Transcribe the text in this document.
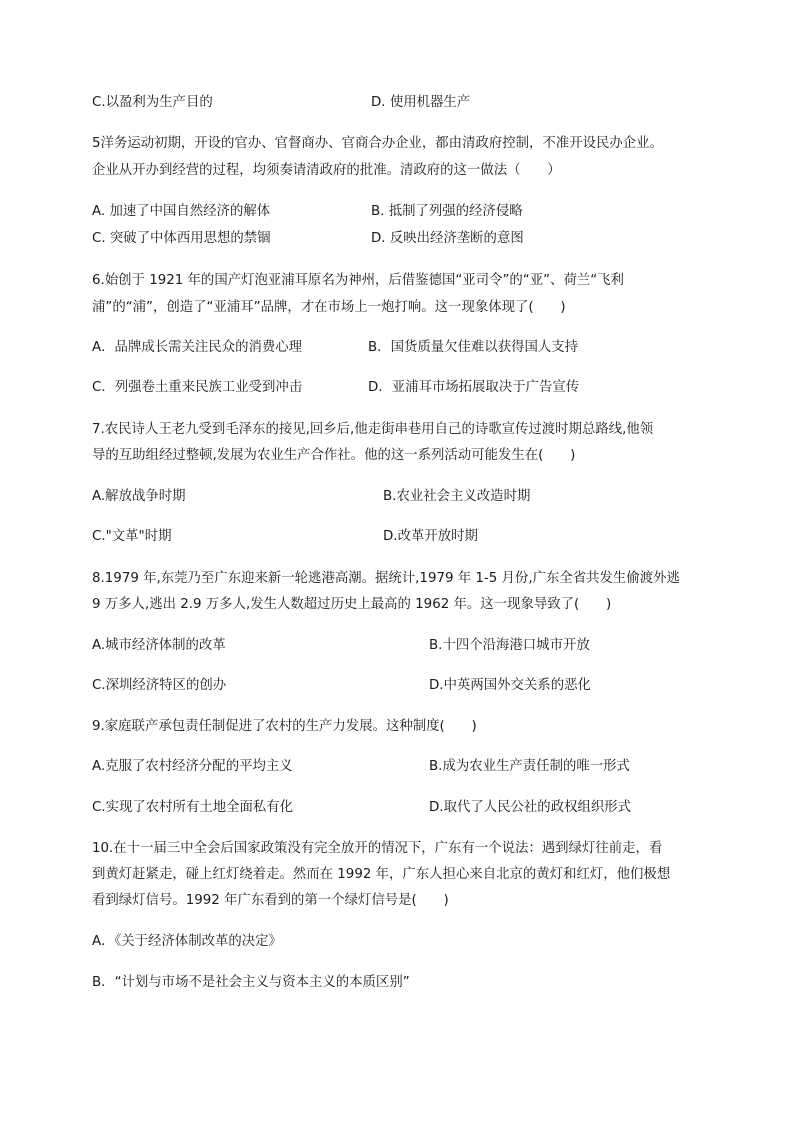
C.以盈利为生产目的	D. 使用机器生产
5洋务运动初期，开设的官办、官督商办、官商合办企业，都由清政府控制，不准开设民办企业。
企业从开办到经营的过程，均须奏请清政府的批准。清政府的这一做法（　　）
A. 加速了中国自然经济的解体	B. 抵制了列强的经济侵略
C. 突破了中体西用思想的禁锢	D. 反映出经济垄断的意图
6.始创于 1921 年的国产灯泡亚浦耳原名为神州，后借鉴德国“亚司令”的“亚”、荷兰“飞利
浦”的“浦”，创造了“亚浦耳”品牌，才在市场上一炮打响。这一现象体现了(　　)
A．品牌成长需关注民众的消费心理	B．国货质量欠佳难以获得国人支持
C．列强卷土重来民族工业受到冲击	D．亚浦耳市场拓展取决于广告宣传
7.农民诗人王老九受到毛泽东的接见,回乡后,他走街串巷用自己的诗歌宣传过渡时期总路线,他领
导的互助组经过整顿,发展为农业生产合作社。他的这一系列活动可能发生在(　　)
A.解放战争时期	B.农业社会主义改造时期
C."文革"时期	D.改革开放时期
8.1979 年,东莞乃至广东迎来新一轮逃港高潮。据统计,1979 年 1-5 月份,广东全省共发生偷渡外逃
9 万多人,逃出 2.9 万多人,发生人数超过历史上最高的 1962 年。这一现象导致了(　　)
A.城市经济体制的改革	B.十四个沿海港口城市开放
C.深圳经济特区的创办	D.中英两国外交关系的恶化
9.家庭联产承包责任制促进了农村的生产力发展。这种制度(　　)
A.克服了农村经济分配的平均主义	B.成为农业生产责任制的唯一形式
C.实现了农村所有土地全面私有化	D.取代了人民公社的政权组织形式
10.在十一届三中全会后国家政策没有完全放开的情况下，广东有一个说法：遇到绿灯往前走，看
到黄灯赶紧走，碰上红灯绕着走。然而在 1992 年，广东人担心来自北京的黄灯和红灯，他们极想
看到绿灯信号。1992 年广东看到的第一个绿灯信号是(　　)
A．《关于经济体制改革的决定》
B．“计划与市场不是社会主义与资本主义的本质区别”
